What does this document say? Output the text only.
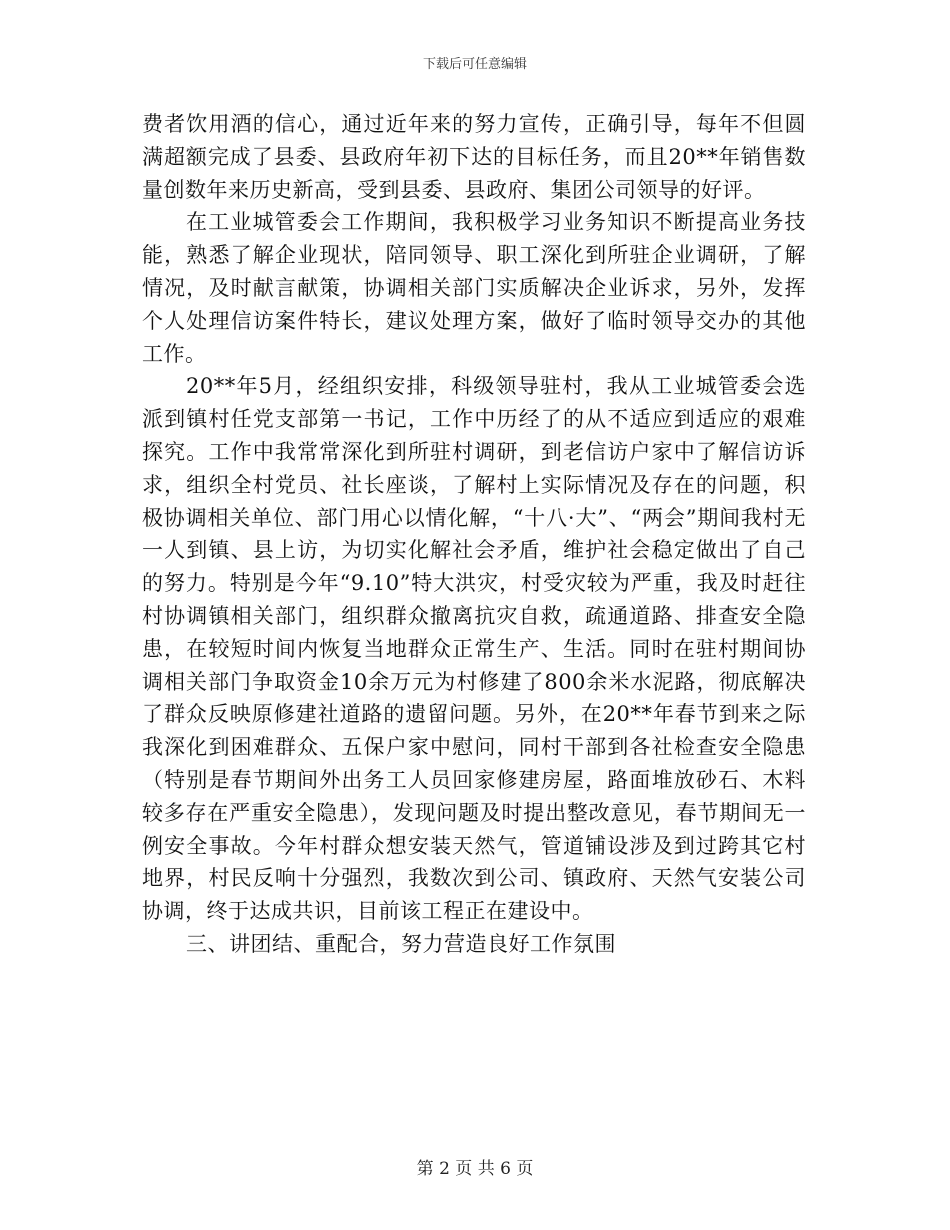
下载后可任意编辑

费者饮用酒的信心，通过近年来的努力宣传，正确引导，每年不但圆满超额完成了县委、县政府年初下达的目标任务，而且20**年销售数量创数年来历史新高，受到县委、县政府、集团公司领导的好评。

在工业城管委会工作期间，我积极学习业务知识不断提高业务技能，熟悉了解企业现状，陪同领导、职工深化到所驻企业调研，了解情况，及时献言献策，协调相关部门实质解决企业诉求，另外，发挥个人处理信访案件特长，建议处理方案，做好了临时领导交办的其他工作。

20**年5月，经组织安排，科级领导驻村，我从工业城管委会选派到镇村任党支部第一书记，工作中历经了的从不适应到适应的艰难探究。工作中我常常深化到所驻村调研，到老信访户家中了解信访诉求，组织全村党员、社长座谈，了解村上实际情况及存在的问题，积极协调相关单位、部门用心以情化解，“十八·大”、“两会”期间我村无一人到镇、县上访，为切实化解社会矛盾，维护社会稳定做出了自己的努力。特别是今年“9.10”特大洪灾，村受灾较为严重，我及时赶往村协调镇相关部门，组织群众撤离抗灾自救，疏通道路、排查安全隐患，在较短时间内恢复当地群众正常生产、生活。同时在驻村期间协调相关部门争取资金10余万元为村修建了800余米水泥路，彻底解决了群众反映原修建社道路的遗留问题。另外，在20**年春节到来之际我深化到困难群众、五保户家中慰问，同村干部到各社检查安全隐患（特别是春节期间外出务工人员回家修建房屋，路面堆放砂石、木料较多存在严重安全隐患），发现问题及时提出整改意见，春节期间无一例安全事故。今年村群众想安装天然气，管道铺设涉及到过跨其它村地界，村民反响十分强烈，我数次到公司、镇政府、天然气安装公司协调，终于达成共识，目前该工程正在建设中。

三、讲团结、重配合，努力营造良好工作氛围

第 2 页 共 6 页
